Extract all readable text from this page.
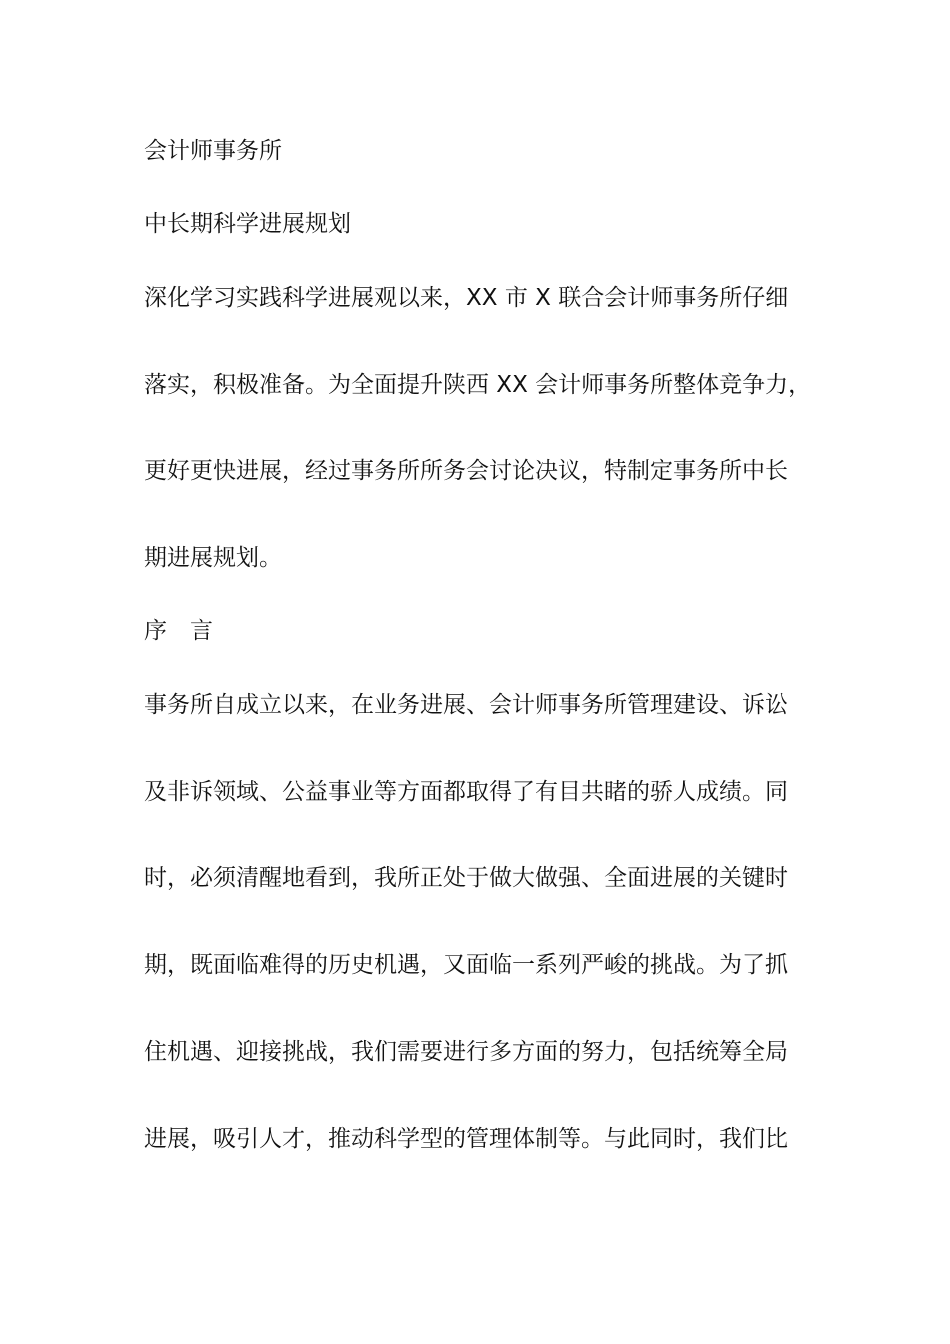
会计师事务所
中长期科学进展规划
深化学习实践科学进展观以来，XX 市 X 联合会计师事务所仔细
落实，积极准备。为全面提升陕西 XX 会计师事务所整体竞争力，
更好更快进展，经过事务所所务会讨论决议，特制定事务所中长
期进展规划。
序　言
事务所自成立以来，在业务进展、会计师事务所管理建设、诉讼
及非诉领域、公益事业等方面都取得了有目共睹的骄人成绩。同
时，必须清醒地看到，我所正处于做大做强、全面进展的关键时
期，既面临难得的历史机遇，又面临一系列严峻的挑战。为了抓
住机遇、迎接挑战，我们需要进行多方面的努力，包括统筹全局
进展，吸引人才，推动科学型的管理体制等。与此同时，我们比
